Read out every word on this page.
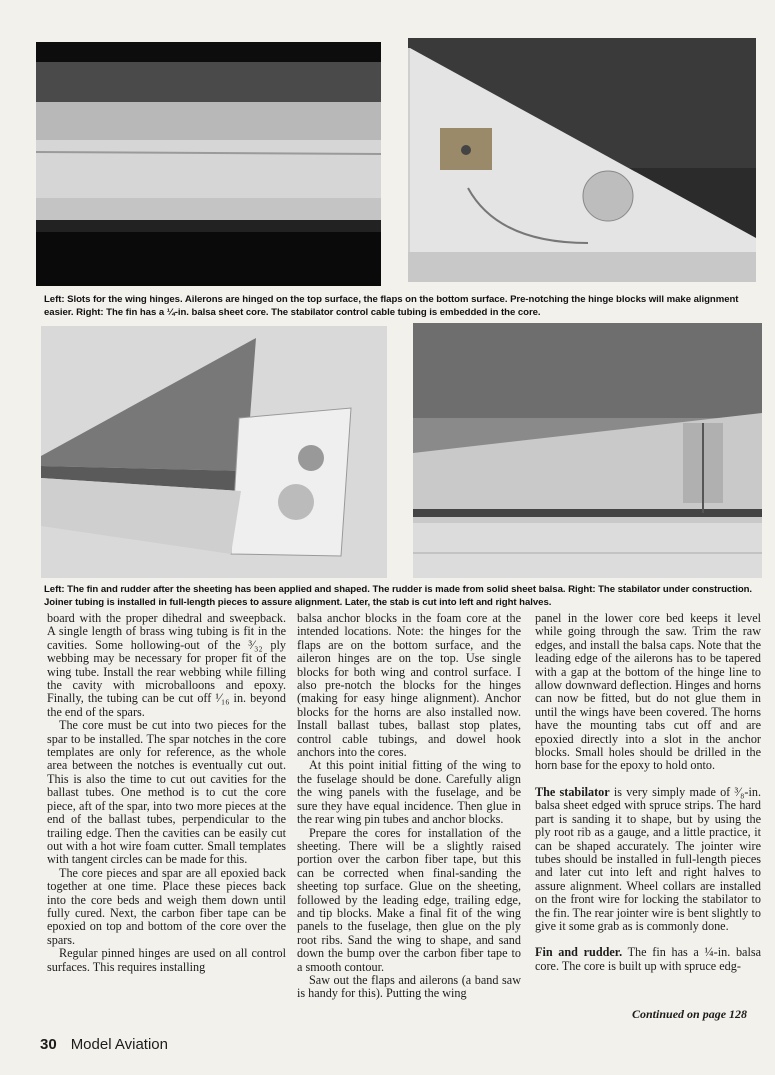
Left: Slots for the wing hinges. Ailerons are hinged on the top surface, the flaps on the bottom surface. Pre-notching the hinge blocks will make alignment easier. Right: The fin has a ¼-in. balsa sheet core. The stabilator control cable tubing is embedded in the core.
Left: The fin and rudder after the sheeting has been applied and shaped. The rudder is made from solid sheet balsa. Right: The stabilator under construction. Joiner tubing is installed in full-length pieces to assure alignment. Later, the stab is cut into left and right halves.

board with the proper dihedral and sweepback. A single length of brass wing tubing is fit in the cavities. Some hollowing-out of the ³⁄₃₂ ply webbing may be necessary for proper fit of the wing tube. Install the rear webbing while filling the cavity with microballoons and epoxy. Finally, the tubing can be cut off ¹⁄₁₆ in. beyond the end of the spars.

The core must be cut into two pieces for the spar to be installed. The spar notches in the core templates are only for reference, as the whole area between the notches is eventually cut out. This is also the time to cut out cavities for the ballast tubes. One method is to cut the core piece, aft of the spar, into two more pieces at the end of the ballast tubes, perpendicular to the trailing edge. Then the cavities can be easily cut out with a hot wire foam cutter. Small templates with tangent circles can be made for this.

The core pieces and spar are all epoxied back together at one time. Place these pieces back into the core beds and weigh them down until fully cured. Next, the carbon fiber tape can be epoxied on top and bottom of the core over the spars.

Regular pinned hinges are used on all control surfaces. This requires installing

balsa anchor blocks in the foam core at the intended locations. Note: the hinges for the flaps are on the bottom surface, and the aileron hinges are on the top. Use single blocks for both wing and control surface. I also pre-notch the blocks for the hinges (making for easy hinge alignment). Anchor blocks for the horns are also installed now. Install ballast tubes, ballast stop plates, control cable tubings, and dowel hook anchors into the cores.

At this point initial fitting of the wing to the fuselage should be done. Carefully align the wing panels with the fuselage, and be sure they have equal incidence. Then glue in the rear wing pin tubes and anchor blocks.

Prepare the cores for installation of the sheeting. There will be a slightly raised portion over the carbon fiber tape, but this can be corrected when final-sanding the sheeting top surface. Glue on the sheeting, followed by the leading edge, trailing edge, and tip blocks. Make a final fit of the wing panels to the fuselage, then glue on the ply root ribs. Sand the wing to shape, and sand down the bump over the carbon fiber tape to a smooth contour.

Saw out the flaps and ailerons (a band saw is handy for this). Putting the wing

panel in the lower core bed keeps it level while going through the saw. Trim the raw edges, and install the balsa caps. Note that the leading edge of the ailerons has to be tapered with a gap at the bottom of the hinge line to allow downward deflection. Hinges and horns can now be fitted, but do not glue them in until the wings have been covered. The horns have the mounting tabs cut off and are epoxied directly into a slot in the anchor blocks. Small holes should be drilled in the horn base for the epoxy to hold onto.

The stabilator is very simply made of ³⁄₈-in. balsa sheet edged with spruce strips. The hard part is sanding it to shape, but by using the ply root rib as a gauge, and a little practice, it can be shaped accurately. The jointer wire tubes should be installed in full-length pieces and later cut into left and right halves to assure alignment. Wheel collars are installed on the front wire for locking the stabilator to the fin. The rear jointer wire is bent slightly to give it some grab as is commonly done.

Fin and rudder. The fin has a ¼-in. balsa core. The core is built up with spruce edg-

Continued on page 128
30 Model Aviation
